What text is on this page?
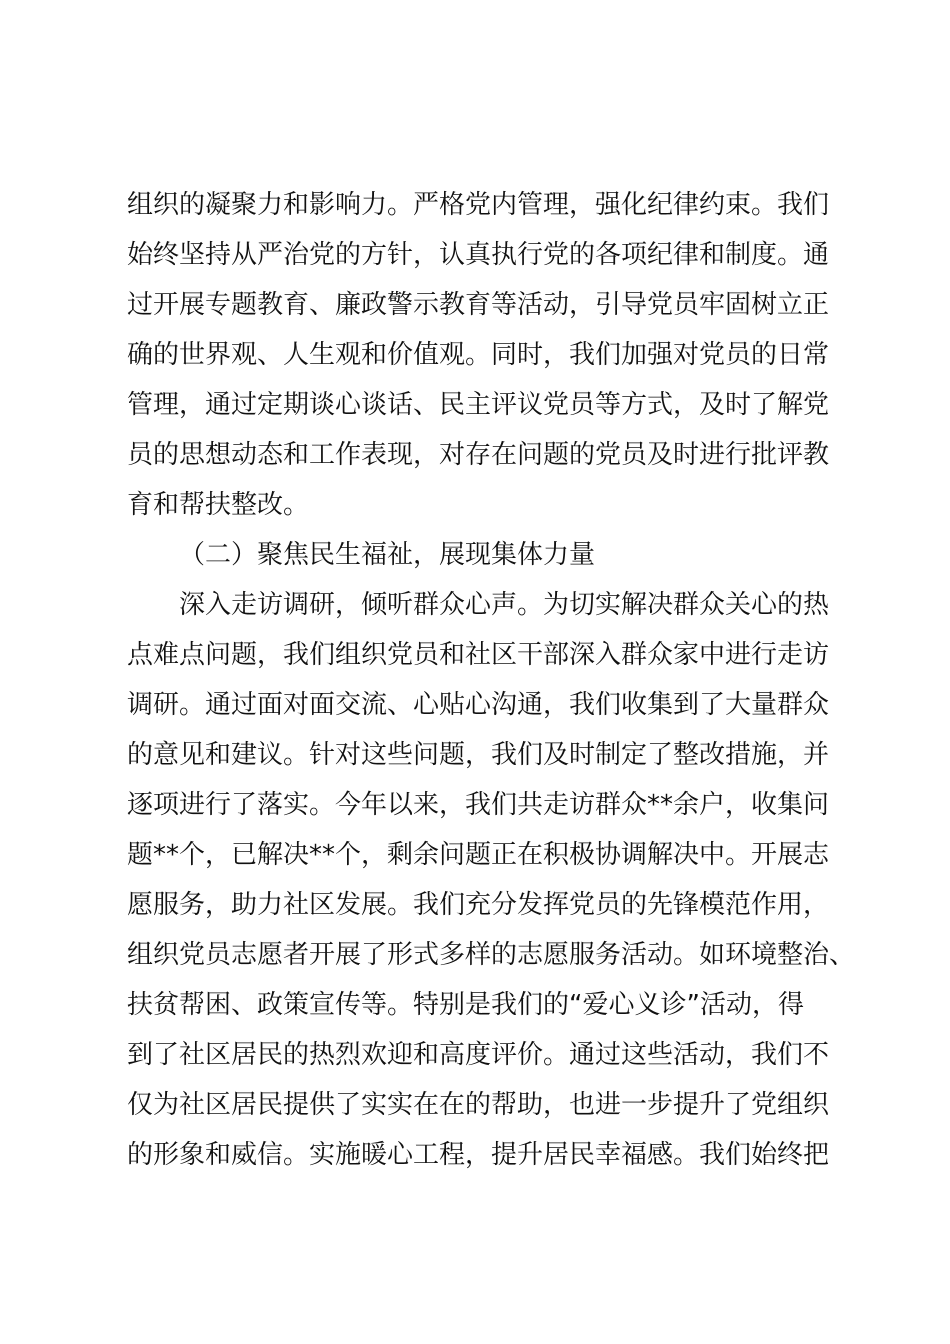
组织的凝聚力和影响力。严格党内管理，强化纪律约束。我们
始终坚持从严治党的方针，认真执行党的各项纪律和制度。通
过开展专题教育、廉政警示教育等活动，引导党员牢固树立正
确的世界观、人生观和价值观。同时，我们加强对党员的日常
管理，通过定期谈心谈话、民主评议党员等方式，及时了解党
员的思想动态和工作表现，对存在问题的党员及时进行批评教
育和帮扶整改。
（二）聚焦民生福祉，展现集体力量
深入走访调研，倾听群众心声。为切实解决群众关心的热
点难点问题，我们组织党员和社区干部深入群众家中进行走访
调研。通过面对面交流、心贴心沟通，我们收集到了大量群众
的意见和建议。针对这些问题，我们及时制定了整改措施，并
逐项进行了落实。今年以来，我们共走访群众**余户，收集问
题**个，已解决**个，剩余问题正在积极协调解决中。开展志
愿服务，助力社区发展。我们充分发挥党员的先锋模范作用，
组织党员志愿者开展了形式多样的志愿服务活动。如环境整治、
扶贫帮困、政策宣传等。特别是我们的“爱心义诊”活动，得
到了社区居民的热烈欢迎和高度评价。通过这些活动，我们不
仅为社区居民提供了实实在在的帮助，也进一步提升了党组织
的形象和威信。实施暖心工程，提升居民幸福感。我们始终把
